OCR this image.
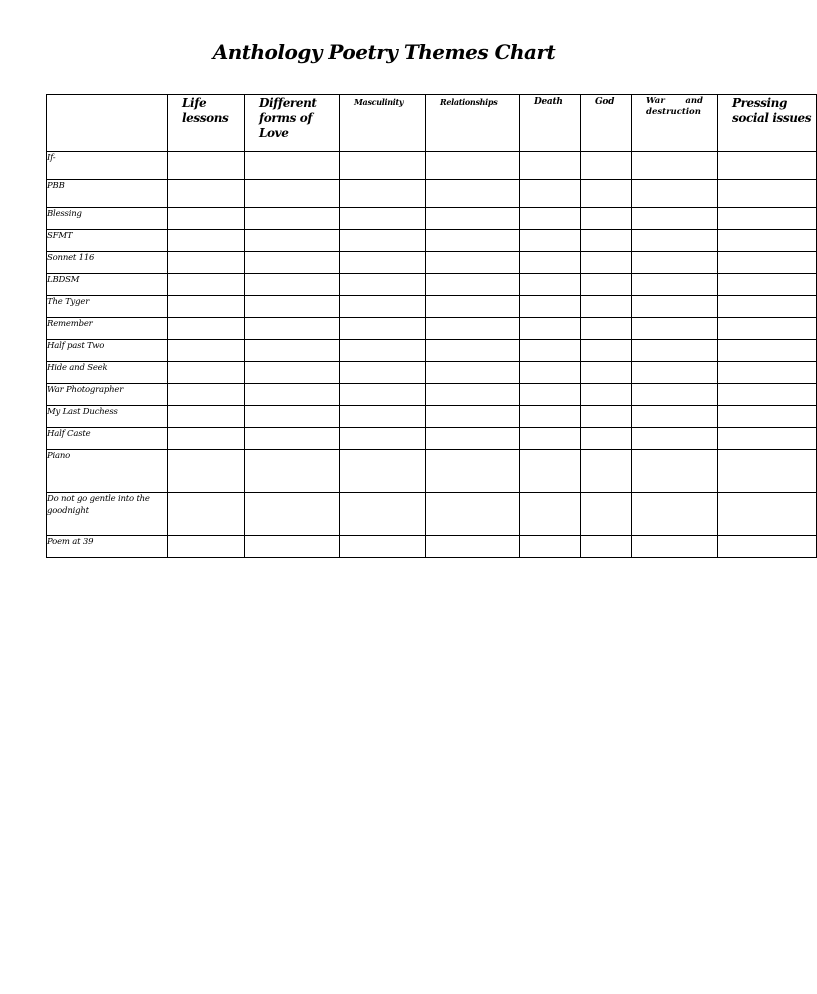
Anthology Poetry Themes Chart

	Life lessons	Different forms of Love	Masculinity	Relationships	Death	God	War and destruction	Pressing social issues

If-								
PBB								
Blessing								
SFMT								
Sonnet 116								
LBDSM								
The Tyger								
Remember								
Half past Two								
Hide and Seek								
War Photographer								
My Last Duchess								
Half Caste								
Piano								
Do not go gentle into the goodnight								
Poem at 39								
